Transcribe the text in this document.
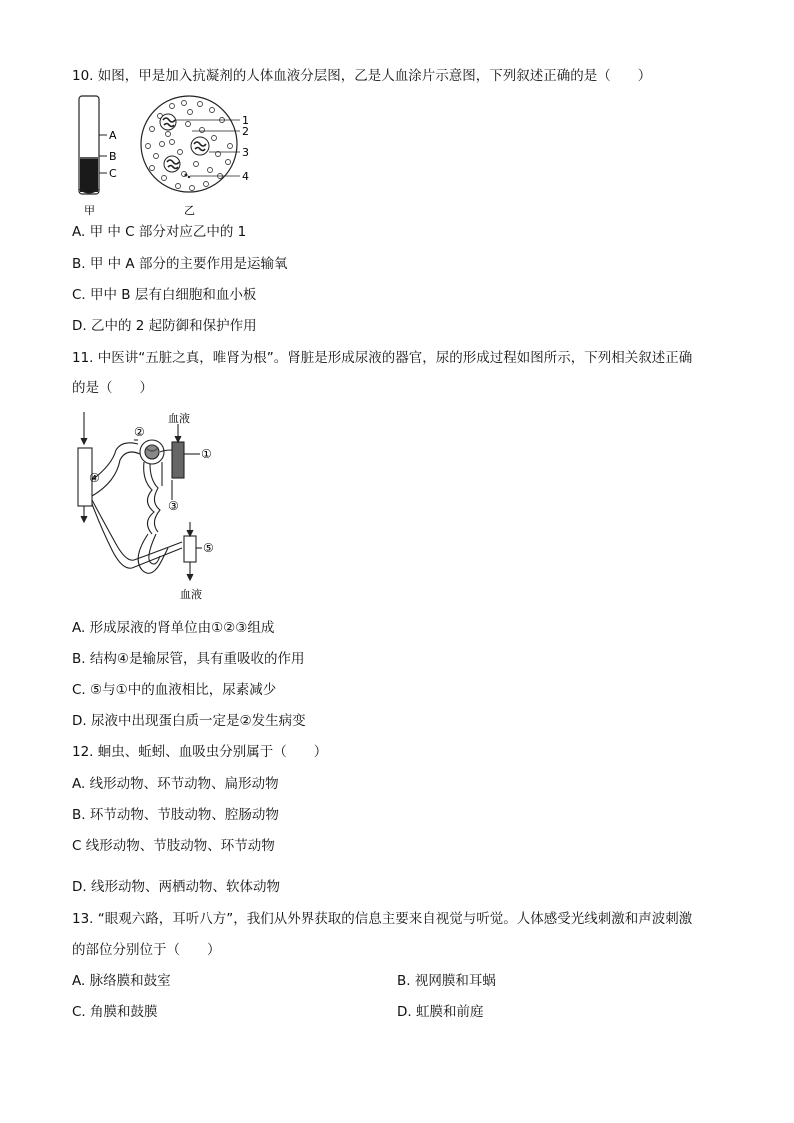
10. 如图，甲是加入抗凝剂的人体血液分层图，乙是人血涂片示意图，下列叙述正确的是（　　）
A
B
C
甲
1
2
3
4
乙
A. 甲 中 C 部分对应乙中的 1
B. 甲 中 A 部分的主要作用是运输氧
C. 甲中 B 层有白细胞和血小板
D. 乙中的 2 起防御和保护作用
11. 中医讲“五脏之真，唯肾为根”。肾脏是形成尿液的器官，尿的形成过程如图所示，下列相关叙述正确
的是（　　）
血液
①
②
③
④
⑤
血液
A. 形成尿液的肾单位由①②③组成
B. 结构④是输尿管，具有重吸收的作用
C. ⑤与①中的血液相比，尿素减少
D. 尿液中出现蛋白质一定是②发生病变
12. 蛔虫、蚯蚓、血吸虫分别属于（　　）
A. 线形动物、环节动物、扁形动物
B. 环节动物、节肢动物、腔肠动物
C 线形动物、节肢动物、环节动物
D. 线形动物、两栖动物、软体动物
13. “眼观六路，耳听八方”，我们从外界获取的信息主要来自视觉与听觉。人体感受光线刺激和声波刺激
的部位分别位于（　　）
A. 脉络膜和鼓室	B. 视网膜和耳蜗
C. 角膜和鼓膜	D. 虹膜和前庭
